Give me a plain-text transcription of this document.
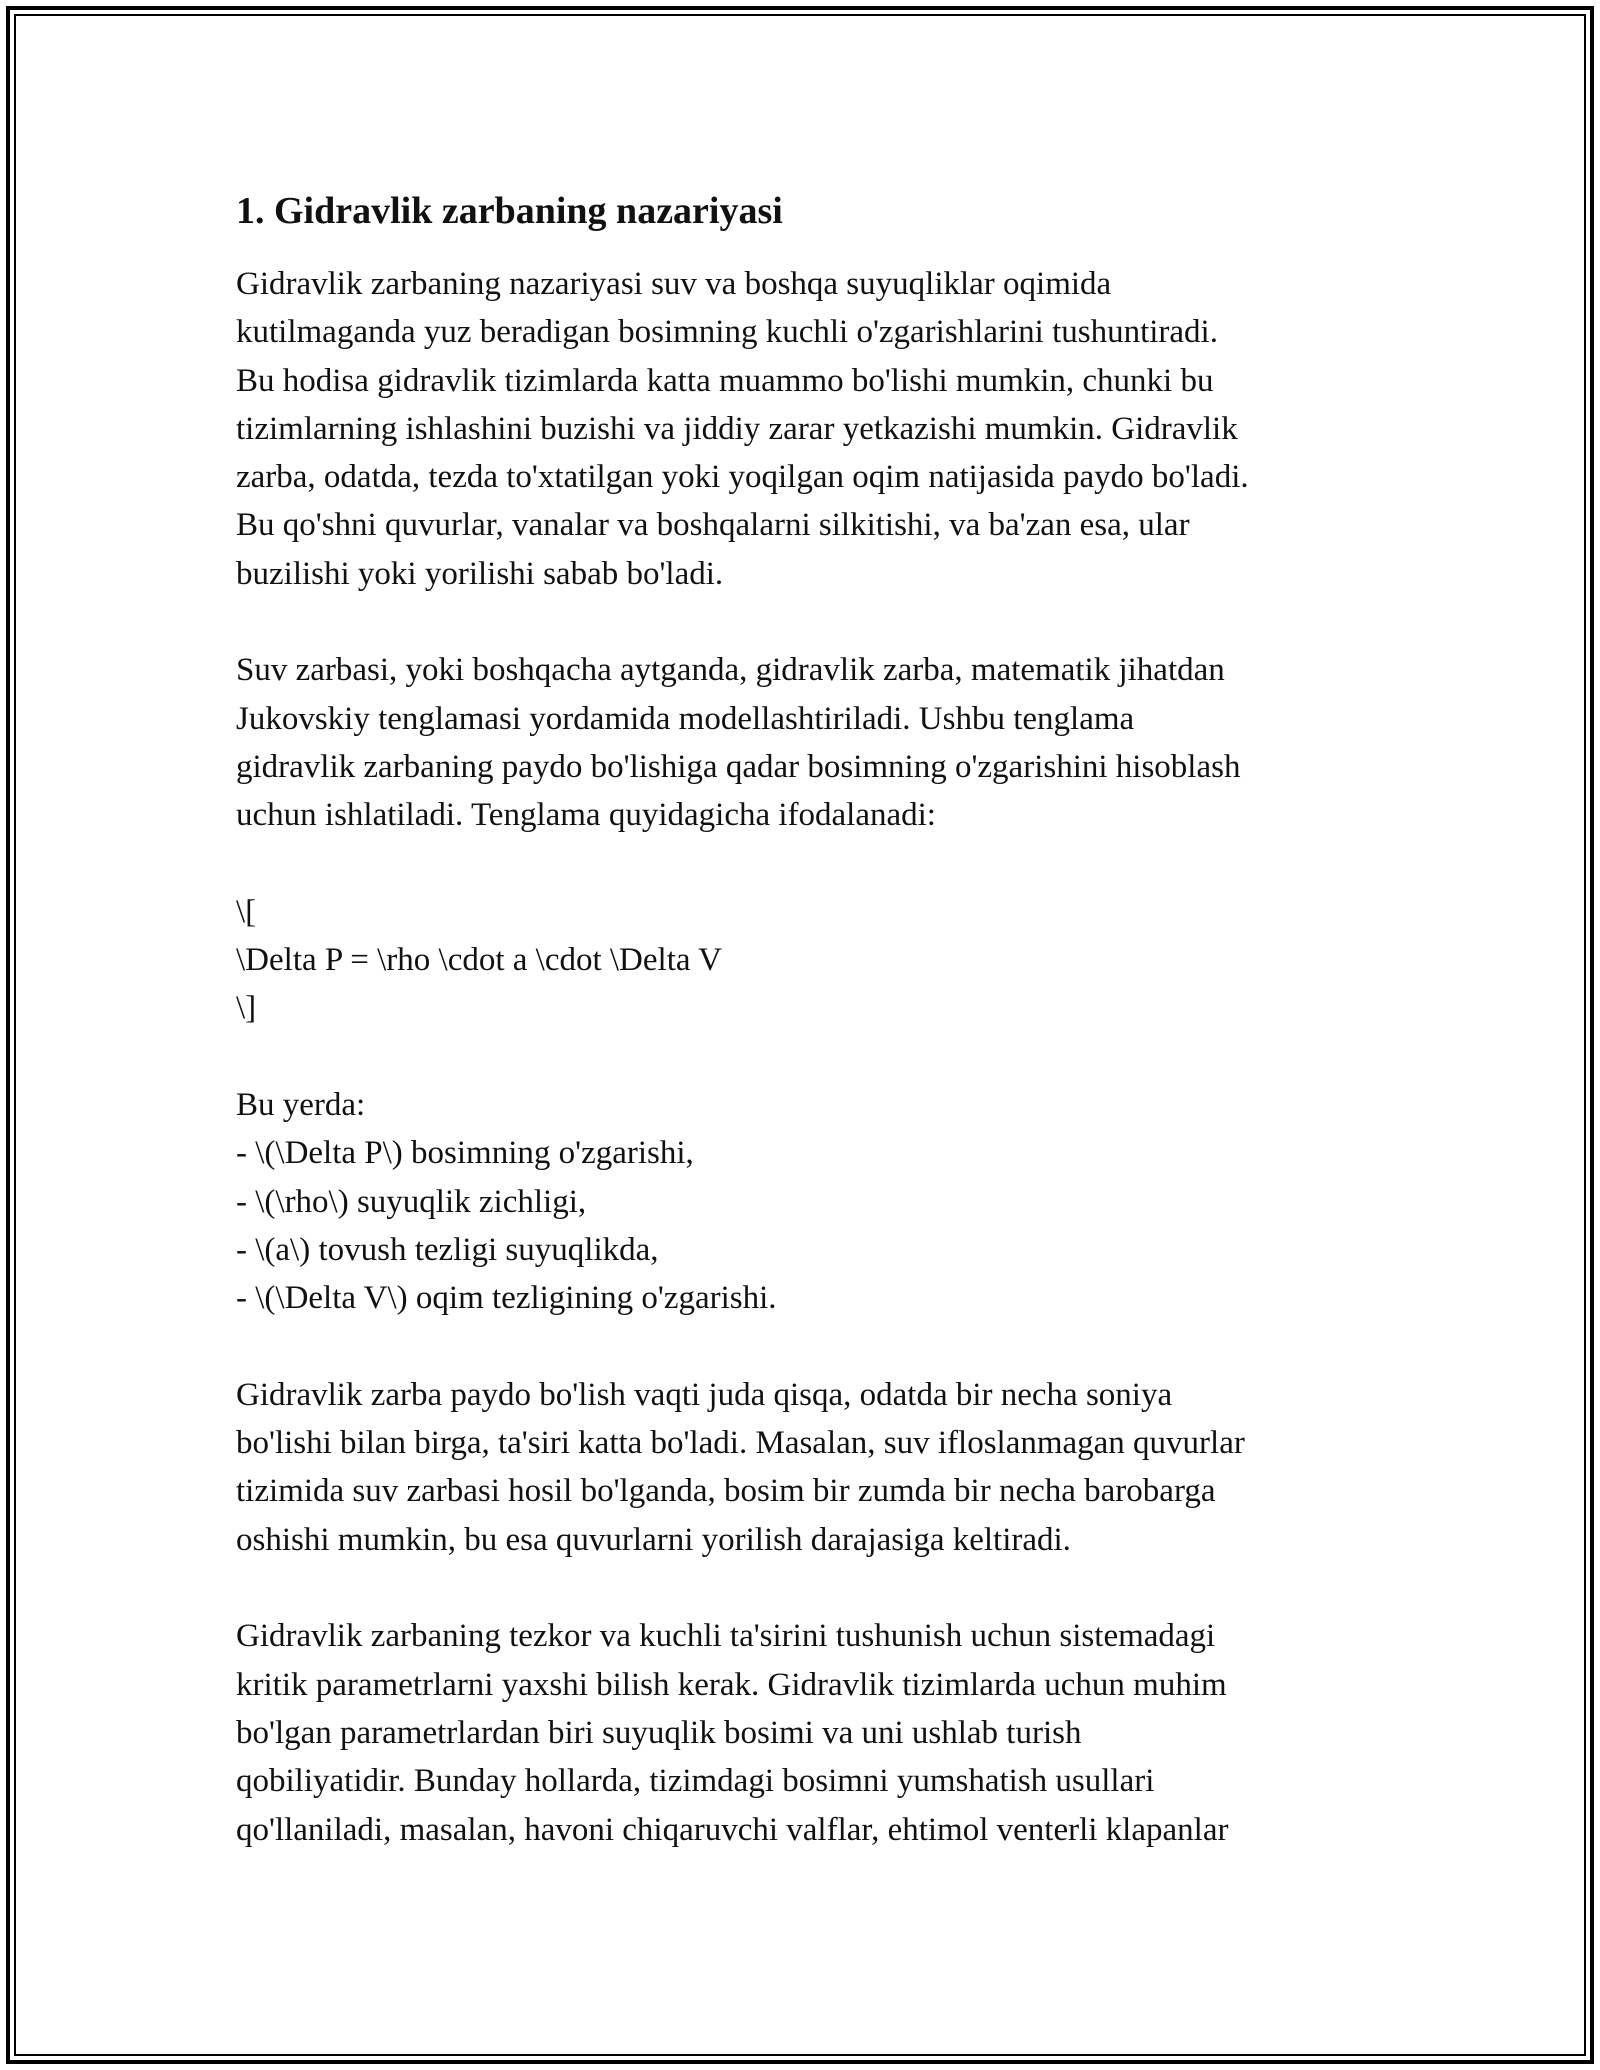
1. Gidravlik zarbaning nazariyasi

Gidravlik zarbaning nazariyasi suv va boshqa suyuqliklar oqimida
kutilmaganda yuz beradigan bosimning kuchli o'zgarishlarini tushuntiradi.
Bu hodisa gidravlik tizimlarda katta muammo bo'lishi mumkin, chunki bu
tizimlarning ishlashini buzishi va jiddiy zarar yetkazishi mumkin. Gidravlik
zarba, odatda, tezda to'xtatilgan yoki yoqilgan oqim natijasida paydo bo'ladi.
Bu qo'shni quvurlar, vanalar va boshqalarni silkitishi, va ba'zan esa, ular
buzilishi yoki yorilishi sabab bo'ladi.

Suv zarbasi, yoki boshqacha aytganda, gidravlik zarba, matematik jihatdan
Jukovskiy tenglamasi yordamida modellashtiriladi. Ushbu tenglama
gidravlik zarbaning paydo bo'lishiga qadar bosimning o'zgarishini hisoblash
uchun ishlatiladi. Tenglama quyidagicha ifodalanadi:

\[
\Delta P = \rho \cdot a \cdot \Delta V
\]
Bu yerda:
- \(\Delta P\) bosimning o'zgarishi,
- \(\rho\) suyuqlik zichligi,
- \(a\) tovush tezligi suyuqlikda,
- \(\Delta V\) oqim tezligining o'zgarishi.

Gidravlik zarba paydo bo'lish vaqti juda qisqa, odatda bir necha soniya
bo'lishi bilan birga, ta'siri katta bo'ladi. Masalan, suv ifloslanmagan quvurlar
tizimida suv zarbasi hosil bo'lganda, bosim bir zumda bir necha barobarga
oshishi mumkin, bu esa quvurlarni yorilish darajasiga keltiradi.

Gidravlik zarbaning tezkor va kuchli ta'sirini tushunish uchun sistemadagi
kritik parametrlarni yaxshi bilish kerak. Gidravlik tizimlarda uchun muhim
bo'lgan parametrlardan biri suyuqlik bosimi va uni ushlab turish
qobiliyatidir. Bunday hollarda, tizimdagi bosimni yumshatish usullari
qo'llaniladi, masalan, havoni chiqaruvchi valflar, ehtimol venterli klapanlar
